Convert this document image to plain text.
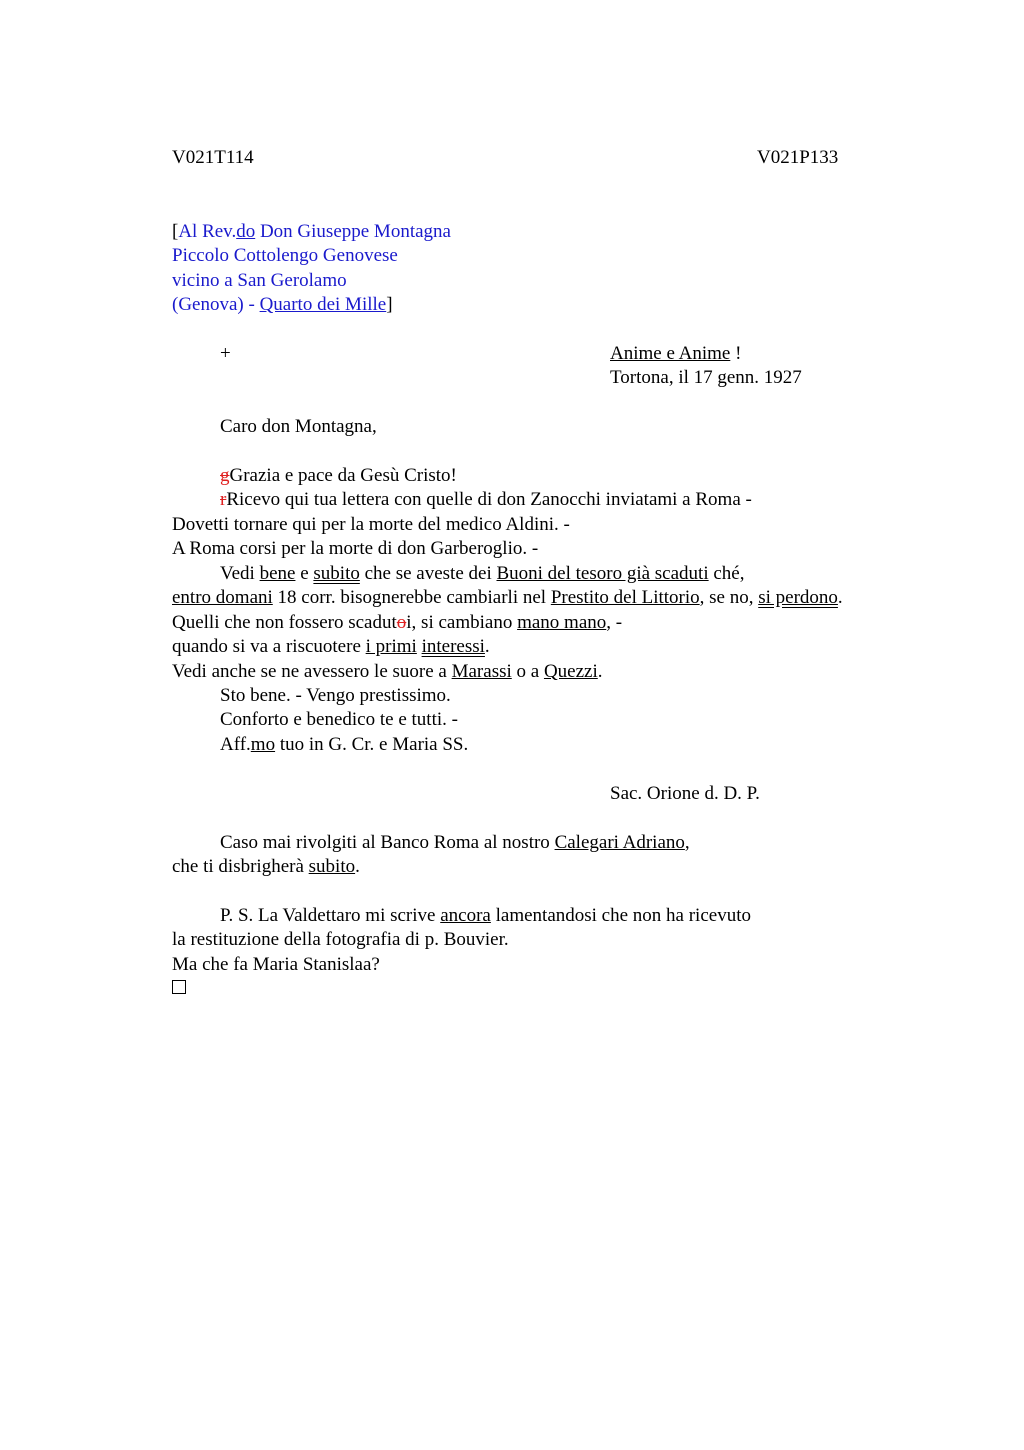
V021T114	V021P133
[Al Rev.do Don Giuseppe Montagna
Piccolo Cottolengo Genovese
vicino a San Gerolamo
(Genova) - Quarto dei Mille]
+	Anime e Anime !
Tortona, il 17 genn. 1927
Caro don Montagna,
gGrazia e pace da Gesù Cristo!
rRicevo qui tua lettera con quelle di don Zanocchi inviatami a Roma -
Dovetti tornare qui per la morte del medico Aldini. -
A Roma corsi per la morte di don Garberoglio. -
Vedi bene e subito che se aveste dei Buoni del tesoro già scaduti ché,
entro domani 18 corr. bisognerebbe cambiarli nel Prestito del Littorio, se no, si perdono.
Quelli che non fossero scadutoi, si cambiano mano mano, -
quando si va a riscuotere i primi interessi.
Vedi anche se ne avessero le suore a Marassi o a Quezzi.
Sto bene. - Vengo prestissimo.
Conforto e benedico te e tutti. -
Aff.mo tuo in G. Cr. e Maria SS.
Sac. Orione d. D. P.
Caso mai rivolgiti al Banco Roma al nostro Calegari Adriano,
che ti disbrigherà subito.
P. S. La Valdettaro mi scrive ancora lamentandosi che non ha ricevuto
la restituzione della fotografia di p. Bouvier.
Ma che fa Maria Stanislaa?
